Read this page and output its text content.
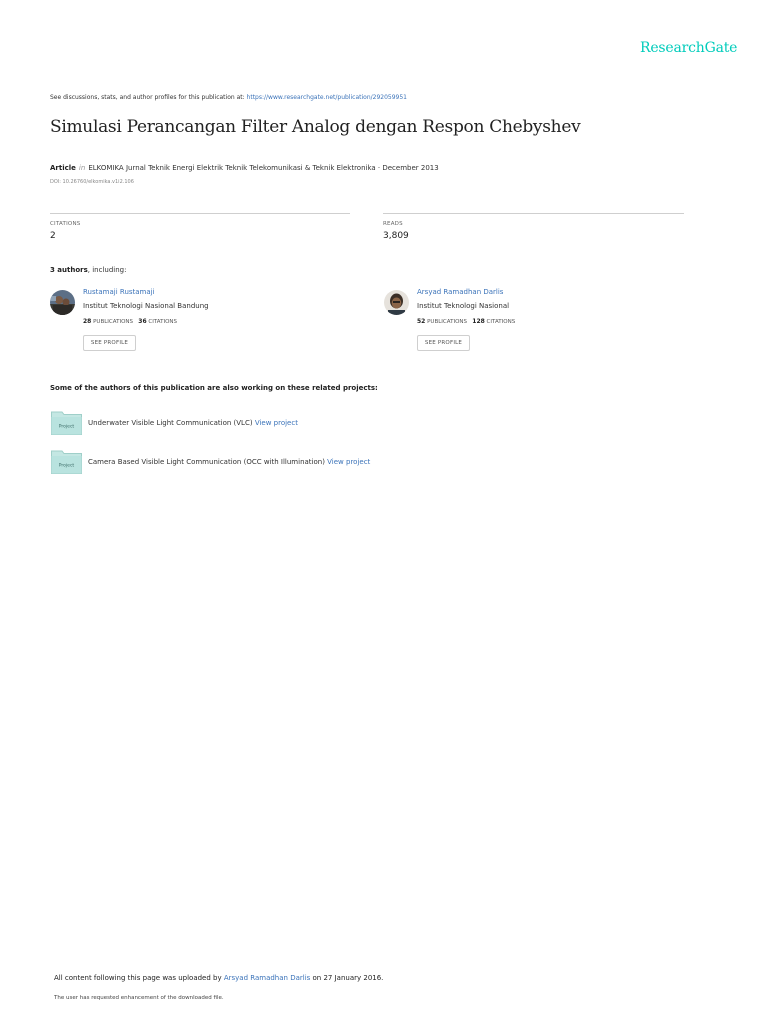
ResearchGate
See discussions, stats, and author profiles for this publication at: https://www.researchgate.net/publication/292059951
Simulasi Perancangan Filter Analog dengan Respon Chebyshev
Article in ELKOMIKA Jurnal Teknik Energi Elektrik Teknik Telekomunikasi & Teknik Elektronika · December 2013
DOI: 10.26760/elkomika.v1i2.106
CITATIONS
2
READS
3,809
3 authors, including:
Rustamaji Rustamaji
Institut Teknologi Nasional Bandung
28 PUBLICATIONS 36 CITATIONS
SEE PROFILE
Arsyad Ramadhan Darlis
Institut Teknologi Nasional
52 PUBLICATIONS 128 CITATIONS
SEE PROFILE
Some of the authors of this publication are also working on these related projects:
Project Underwater Visible Light Communication (VLC) View project
Project Camera Based Visible Light Communication (OCC with Illumination) View project
All content following this page was uploaded by Arsyad Ramadhan Darlis on 27 January 2016.
The user has requested enhancement of the downloaded file.
